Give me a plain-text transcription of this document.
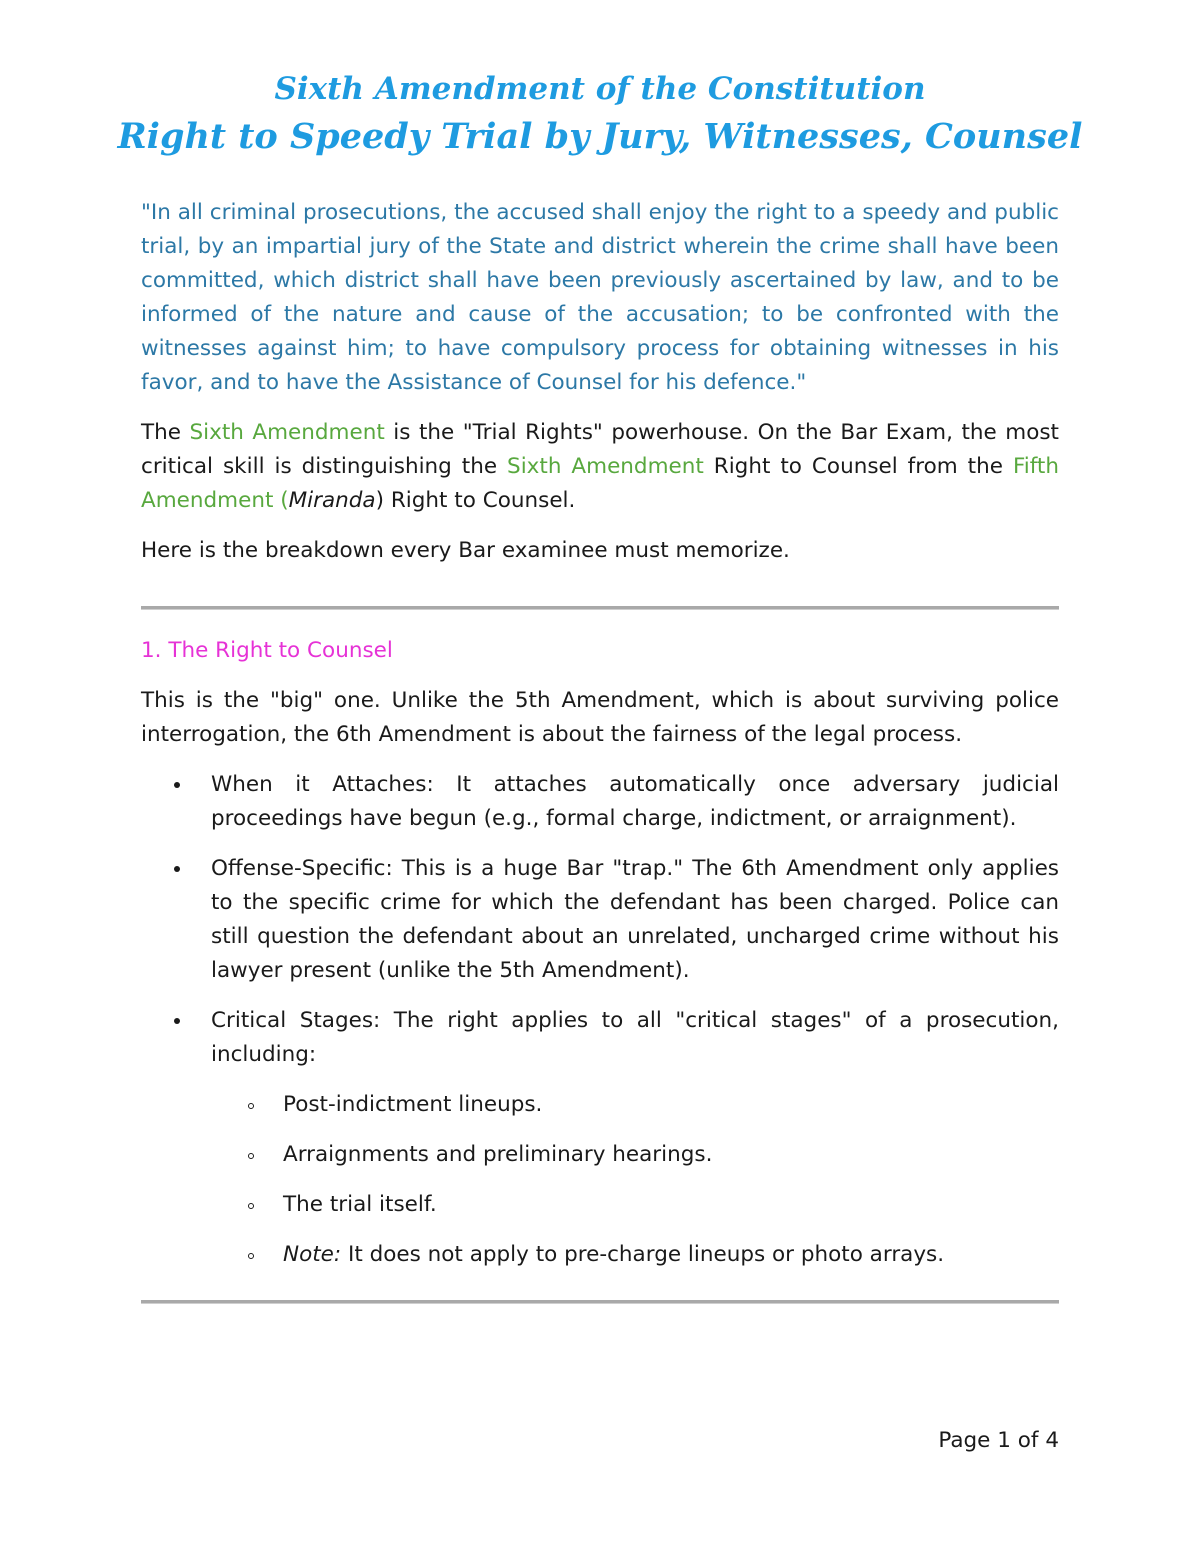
Sixth Amendment of the Constitution
Right to Speedy Trial by Jury, Witnesses, Counsel

"In all criminal prosecutions, the accused shall enjoy the right to a speedy and public trial, by an impartial jury of the State and district wherein the crime shall have been committed, which district shall have been previously ascertained by law, and to be informed of the nature and cause of the accusation; to be confronted with the witnesses against him; to have compulsory process for obtaining witnesses in his favor, and to have the Assistance of Counsel for his defence."

The Sixth Amendment is the "Trial Rights" powerhouse. On the Bar Exam, the most critical skill is distinguishing the Sixth Amendment Right to Counsel from the Fifth Amendment (Miranda) Right to Counsel.

Here is the breakdown every Bar examinee must memorize.

1. The Right to Counsel

This is the "big" one. Unlike the 5th Amendment, which is about surviving police interrogation, the 6th Amendment is about the fairness of the legal process.

When it Attaches: It attaches automatically once adversary judicial proceedings have begun (e.g., formal charge, indictment, or arraignment).
Offense-Specific: This is a huge Bar "trap." The 6th Amendment only applies to the specific crime for which the defendant has been charged. Police can still question the defendant about an unrelated, uncharged crime without his lawyer present (unlike the 5th Amendment).
Critical Stages: The right applies to all "critical stages" of a prosecution, including:
Post-indictment lineups.
Arraignments and preliminary hearings.
The trial itself.
Note: It does not apply to pre-charge lineups or photo arrays.
Page 1 of 4
